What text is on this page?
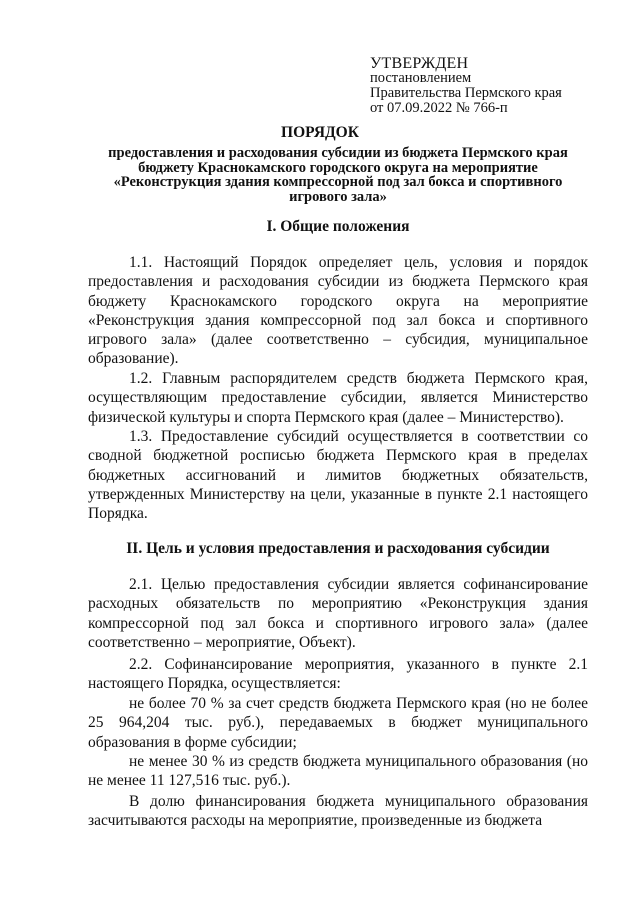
УТВЕРЖДЕН
постановлением
Правительства Пермского края
от 07.09.2022 № 766-п
ПОРЯДОК
предоставления и расходования субсидии из бюджета Пермского края бюджету Краснокамского городского округа на мероприятие «Реконструкция здания компрессорной под зал бокса и спортивного игрового зала»
I. Общие положения

1.1. Настоящий Порядок определяет цель, условия и порядок предоставления и расходования субсидии из бюджета Пермского края бюджету Краснокамского городского округа на мероприятие «Реконструкция здания компрессорной под зал бокса и спортивного игрового зала» (далее соответственно – субсидия, муниципальное образование).

1.2. Главным распорядителем средств бюджета Пермского края, осуществляющим предоставление субсидии, является Министерство физической культуры и спорта Пермского края (далее – Министерство).

1.3. Предоставление субсидий осуществляется в соответствии со сводной бюджетной росписью бюджета Пермского края в пределах бюджетных ассигнований и лимитов бюджетных обязательств, утвержденных Министерству на цели, указанные в пункте 2.1 настоящего Порядка.

II. Цель и условия предоставления и расходования субсидии

2.1. Целью предоставления субсидии является софинансирование расходных обязательств по мероприятию «Реконструкция здания компрессорной под зал бокса и спортивного игрового зала» (далее соответственно – мероприятие, Объект).

2.2. Софинансирование мероприятия, указанного в пункте 2.1 настоящего Порядка, осуществляется:

не более 70 % за счет средств бюджета Пермского края (но не более 25 964,204 тыс. руб.), передаваемых в бюджет муниципального образования в форме субсидии;

не менее 30 % из средств бюджета муниципального образования (но не менее 11 127,516 тыс. руб.).

В долю финансирования бюджета муниципального образования засчитываются расходы на мероприятие, произведенные из бюджета
